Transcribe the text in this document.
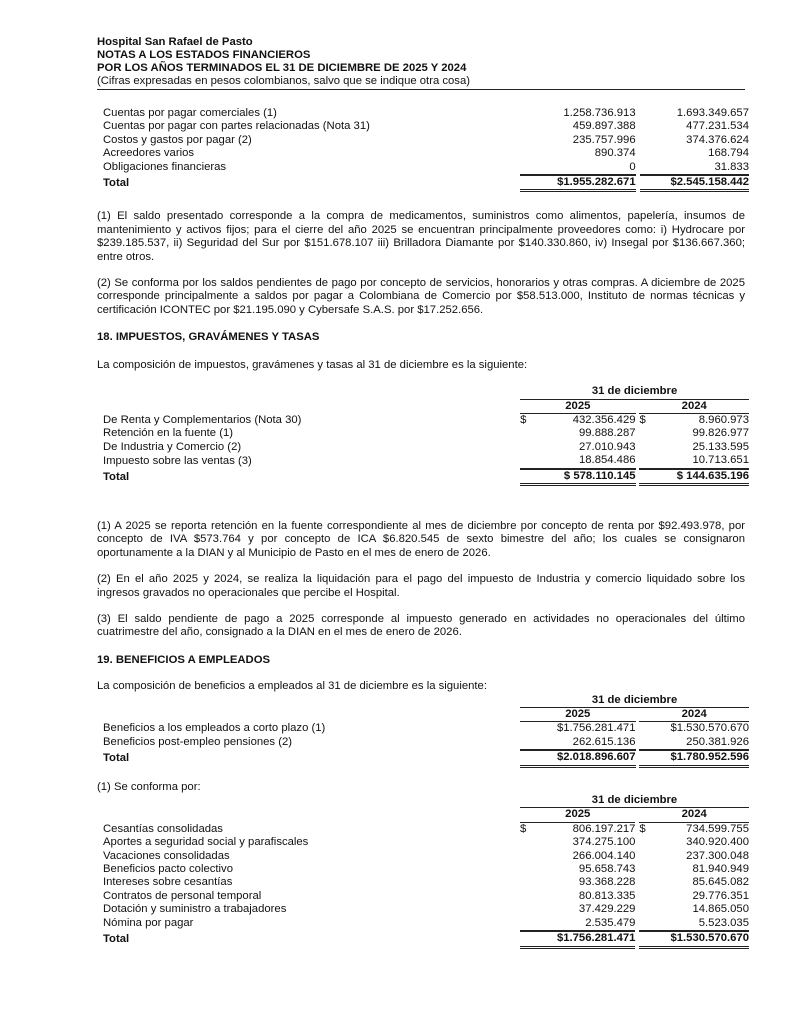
Hospital San Rafael de Pasto
NOTAS A LOS ESTADOS FINANCIEROS
POR LOS AÑOS TERMINADOS EL 31 DE DICIEMBRE DE 2025 Y 2024
(Cifras expresadas en pesos colombianos, salvo que se indique otra cosa)
Cuentas por pagar comerciales (1)	1.258.736.913		1.693.349.657

Cuentas por pagar con partes relacionadas (Nota 31)	459.897.388		477.231.534

Costos y gastos por pagar (2)	235.757.996		374.376.624

Acreedores varios	890.374		168.794

Obligaciones financieras	0		31.833

Total	$1.955.282.671		$2.545.158.442

(1) El saldo presentado corresponde a la compra de medicamentos, suministros como alimentos, papelería, insumos de mantenimiento y activos fijos; para el cierre del año 2025 se encuentran principalmente proveedores como: i) Hydrocare por $239.185.537, ii) Seguridad del Sur por $151.678.107 iii) Brilladora Diamante por $140.330.860, iv) Insegal por $136.667.360; entre otros.

(2) Se conforma por los saldos pendientes de pago por concepto de servicios, honorarios y otras compras. A diciembre de 2025 corresponde principalmente a saldos por pagar a Colombiana de Comercio por $58.513.000, Instituto de normas técnicas y certificación ICONTEC por $21.195.090 y Cybersafe S.A.S. por $17.252.656.

18. IMPUESTOS, GRAVÁMENES Y TASAS

La composición de impuestos, gravámenes y tasas al 31 de diciembre es la siguiente:

	31 de diciembre		
	2025		2024
De Renta y Complementarios (Nota 30)	$ 432.356.429		$ 8.960.973

Retención en la fuente (1)	99.888.287		99.826.977

De Industria y Comercio (2)	27.010.943		25.133.595

Impuesto sobre las ventas (3)	18.854.486		10.713.651

Total	$ 578.110.145		$ 144.635.196

(1) A 2025 se reporta retención en la fuente correspondiente al mes de diciembre por concepto de renta por $92.493.978, por concepto de IVA $573.764 y por concepto de ICA $6.820.545 de sexto bimestre del año; los cuales se consignaron oportunamente a la DIAN y al Municipio de Pasto en el mes de enero de 2026.

(2) En el año 2025 y 2024, se realiza la liquidación para el pago del impuesto de Industria y comercio liquidado sobre los ingresos gravados no operacionales que percibe el Hospital.

(3) El saldo pendiente de pago a 2025 corresponde al impuesto generado en actividades no operacionales del último cuatrimestre del año, consignado a la DIAN en el mes de enero de 2026.

19. BENEFICIOS A EMPLEADOS

La composición de beneficios a empleados al 31 de diciembre es la siguiente:

	31 de diciembre		
	2025		2024
Beneficios a los empleados a corto plazo (1)	$1.756.281.471		$1.530.570.670

Beneficios post-empleo pensiones (2)	262.615.136		250.381.926

Total	$2.018.896.607		$1.780.952.596

(1) Se conforma por:

	31 de diciembre		
	2025		2024
Cesantías consolidadas	$ 806.197.217		$ 734.599.755

Aportes a seguridad social y parafiscales	374.275.100		340.920.400

Vacaciones consolidadas	266.004.140		237.300.048

Beneficios pacto colectivo	95.658.743		81.940.949

Intereses sobre cesantías	93.368.228		85.645.082

Contratos de personal temporal	80.813.335		29.776.351

Dotación y suministro a trabajadores	37.429.229		14.865.050

Nómina por pagar	2.535.479		5.523.035

Total	$1.756.281.471		$1.530.570.670
